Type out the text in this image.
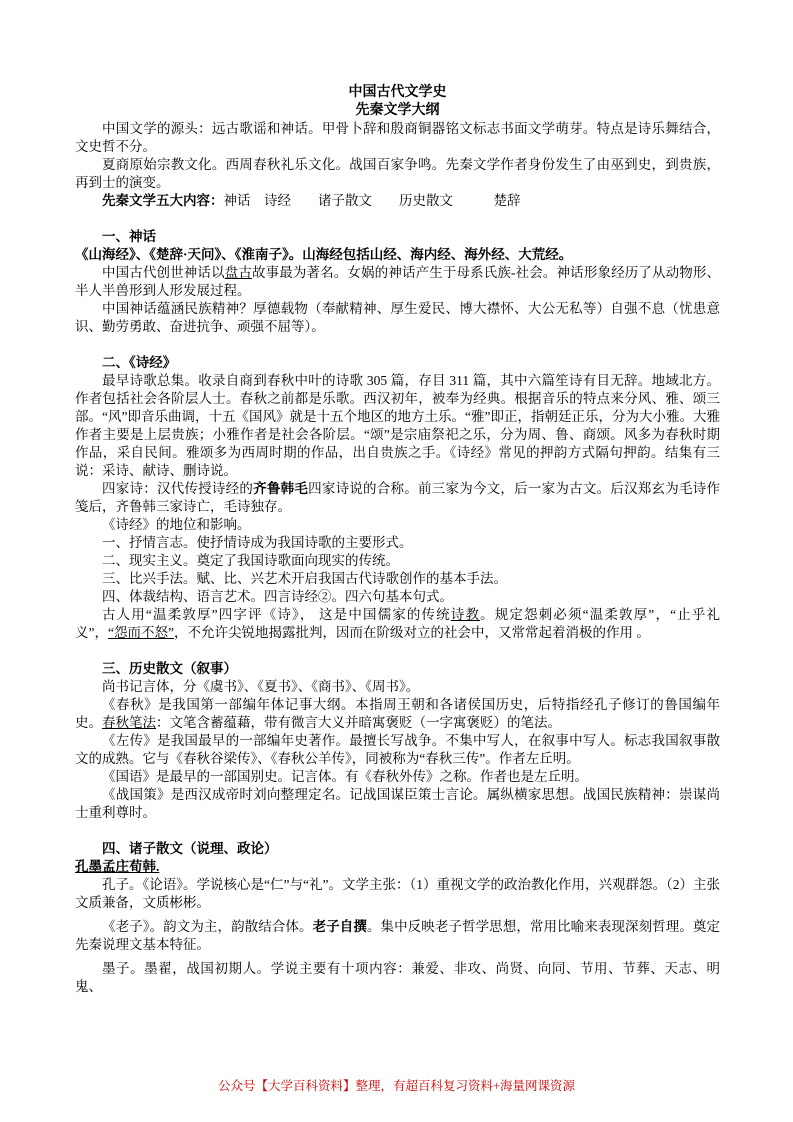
中国古代文学史

先秦文学大纲

中国文学的源头：远古歌谣和神话。甲骨卜辞和殷商铜器铭文标志书面文学萌芽。特点是诗乐舞结合，文史哲不分。

夏商原始宗教文化。西周春秋礼乐文化。战国百家争鸣。先秦文学作者身份发生了由巫到史，到贵族，再到士的演变。

先秦文学五大内容：神话　诗经　　诸子散文　　历史散文　　　楚辞

一、神话

《山海经》、《楚辞·天问》、《淮南子》。山海经包括山经、海内经、海外经、大荒经。

中国古代创世神话以盘古故事最为著名。女娲的神话产生于母系氏族-社会。神话形象经历了从动物形、半人半兽形到人形发展过程。

中国神话蕴涵民族精神？厚德载物（奉献精神、厚生爱民、博大襟怀、大公无私等）自强不息（忧患意识、勤劳勇敢、奋进抗争、顽强不屈等）。

二、《诗经》

最早诗歌总集。收录自商到春秋中叶的诗歌 305 篇，存目 311 篇，其中六篇笙诗有目无辞。地域北方。作者包括社会各阶层人士。春秋之前都是乐歌。西汉初年，被奉为经典。根据音乐的特点来分风、雅、颂三部。“风”即音乐曲调，十五《国风》就是十五个地区的地方土乐。“雅”即正，指朝廷正乐，分为大小雅。大雅作者主要是上层贵族；小雅作者是社会各阶层。“颂”是宗庙祭祀之乐，分为周、鲁、商颂。风多为春秋时期作品，采自民间。雅颂多为西周时期的作品，出自贵族之手。《诗经》常见的押韵方式隔句押韵。结集有三说：采诗、献诗、删诗说。

四家诗：汉代传授诗经的齐鲁韩毛四家诗说的合称。前三家为今文，后一家为古文。后汉郑玄为毛诗作笺后，齐鲁韩三家诗亡，毛诗独存。

《诗经》的地位和影响。

一、抒情言志。使抒情诗成为我国诗歌的主要形式。

二、现实主义。奠定了我国诗歌面向现实的传统。

三、比兴手法。赋、比、兴艺术开启我国古代诗歌创作的基本手法。

四、体裁结构、语言艺术。四言诗经②。四六句基本句式。

古人用“温柔敦厚”四字评《诗》， 这是中国儒家的传统诗教。规定怨刺必须“温柔敦厚”，“止乎礼义”，“怨而不怒”，不允许尖锐地揭露批判，因而在阶级对立的社会中，又常常起着消极的作用 。

三、历史散文（叙事）

尚书记言体，分《虞书》、《夏书》、《商书》、《周书》。

《春秋》是我国第一部编年体记事大纲。本指周王朝和各诸侯国历史，后特指经孔子修订的鲁国编年史。春秋笔法：文笔含蓄蕴藉，带有微言大义并暗寓褒贬（一字寓褒贬）的笔法。

《左传》是我国最早的一部编年史著作。最擅长写战争。不集中写人，在叙事中写人。标志我国叙事散文的成熟。它与《春秋谷梁传》、《春秋公羊传》，同被称为“春秋三传”。作者左丘明。

《国语》是最早的一部国别史。记言体。有《春秋外传》之称。作者也是左丘明。

《战国策》是西汉成帝时刘向整理定名。记战国谋臣策士言论。属纵横家思想。战国民族精神：崇谋尚士重利尊时。

四、诸子散文（说理、政论）

孔墨孟庄荀韩.

孔子。《论语》。学说核心是“仁”与“礼”。文学主张：（1）重视文学的政治教化作用，兴观群怨。（2）主张文质兼备，文质彬彬。

《老子》。韵文为主，韵散结合体。老子自撰。集中反映老子哲学思想，常用比喻来表现深刻哲理。奠定先秦说理文基本特征。

墨子。墨翟，战国初期人。学说主要有十项内容：兼爱、非攻、尚贤、向同、节用、节葬、天志、明鬼、

公众号【大学百科资料】整理，有超百科复习资料+海量网课资源
